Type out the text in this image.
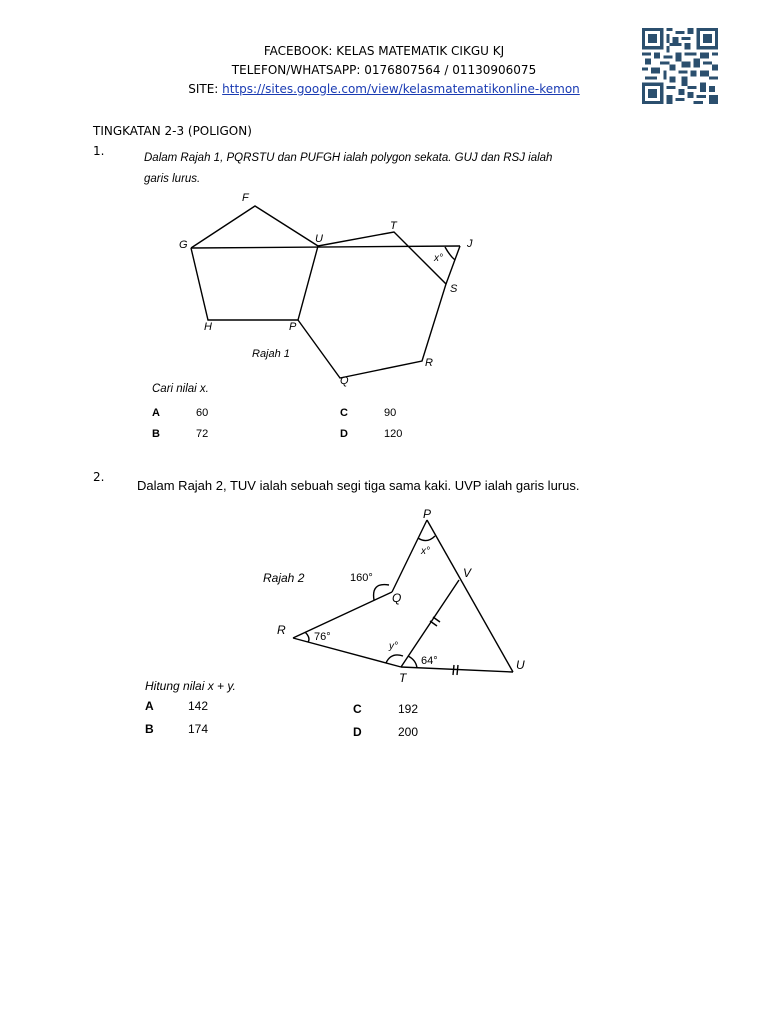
FACEBOOK: KELAS MATEMATIK CIKGU KJ
TELEFON/WHATSAPP: 0176807564 / 01130906075
SITE: https://sites.google.com/view/kelasmatematikonline-kemon
TINGKATAN 2-3 (POLIGON)
1.	Dalam Rajah 1, PQRSTU dan PUFGH ialah polygon sekata. GUJ dan RSJ ialah
garis lurus.
F
G	U
T
J
S
H	P
R
Q
x°
Rajah 1
Cari nilai x.
A	60
B	72
C	90
D	120
2.
Dalam Rajah 2, TUV ialah sebuah segi tiga sama kaki. UVP ialah garis lurus.
P
V
Q
R
T
U
x°
y°
160°
76°
64°
Rajah 2
Hitung nilai x + y.
A	142
B	174
C	192
D	200
